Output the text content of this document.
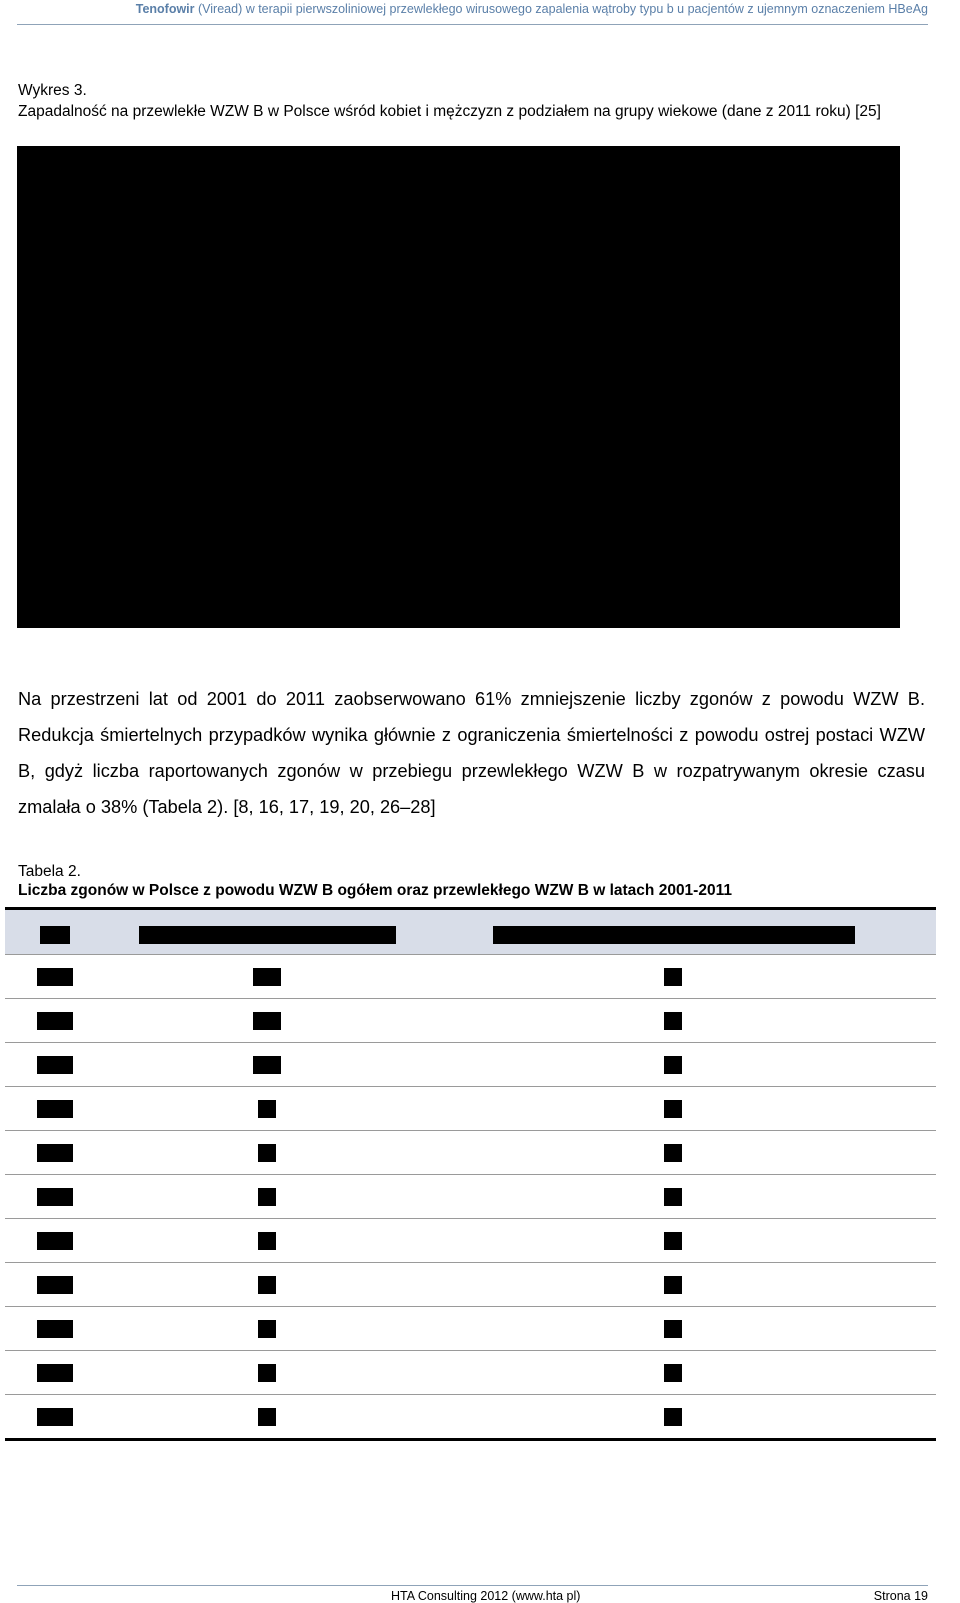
Tenofowir (Viread) w terapii pierwszoliniowej przewlekłego wirusowego zapalenia wątroby typu b u pacjentów z ujemnym oznaczeniem HBeAg
Wykres 3.
Zapadalność na przewlekłe WZW B w Polsce wśród kobiet i mężczyzn z podziałem na grupy wiekowe (dane z 2011 roku) [25]
Na przestrzeni lat od 2001 do 2011 zaobserwowano 61% zmniejszenie liczby zgonów z powodu WZW B. Redukcja śmiertelnych przypadków wynika głównie z ograniczenia śmiertelności z powodu ostrej postaci WZW B, gdyż liczba raportowanych zgonów w przebiegu przewlekłego WZW B w rozpatrywanym okresie czasu zmalała o 38% (Tabela 2). [8, 16, 17, 19, 20, 26–28]
Tabela 2.
Liczba zgonów w Polsce z powodu WZW B ogółem oraz przewlekłego WZW B w latach 2001-2011
HTA Consulting 2012 (www.hta pl)	Strona 19
